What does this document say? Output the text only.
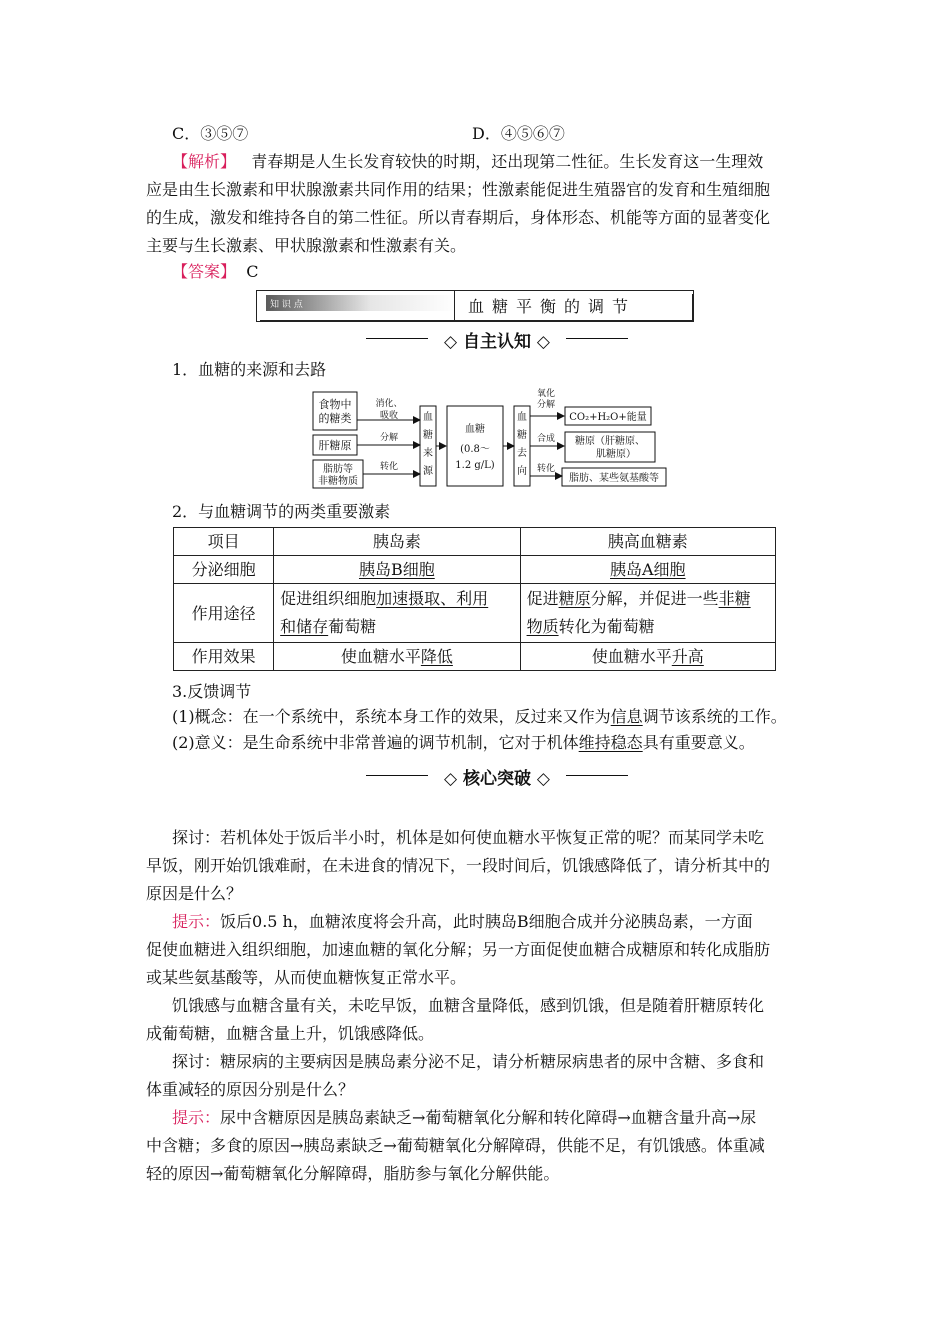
C．③⑤⑦	D．④⑤⑥⑦
【解析】 青春期是人生长发育较快的时期，还出现第二性征。生长发育这一生理效
应是由生长激素和甲状腺激素共同作用的结果；性激素能促进生殖器官的发育和生殖细胞
的生成，激发和维持各自的第二性征。所以青春期后，身体形态、机能等方面的显著变化
主要与生长激素、甲状腺激素和性激素有关。
【答案】 C
知 识 点	血糖平衡的调节
◇ 自主认知 ◇
1．血糖的来源和去路
食物中的糖类
肝糖原
脂肪等非糖物质
消化、吸收
分解
转化
血糖来源
血糖(0.8～ 1.2 g/L)
血糖去向
氧化分解
合成
转化
CO₂+H₂O+能量
糖原（肝糖原、肌糖原）
脂肪、某些氨基酸等
2．与血糖调节的两类重要激素
项目	胰岛素	胰高血糖素
分泌细胞	胰岛B细胞	胰岛A细胞
作用途径	促进组织细胞加速摄取、利用
和储存葡萄糖	促进糖原分解，并促进一些非糖
物质转化为葡萄糖
作用效果	使血糖水平降低	使血糖水平升高
3.反馈调节
(1)概念：在一个系统中，系统本身工作的效果，反过来又作为信息调节该系统的工作。
(2)意义：是生命系统中非常普遍的调节机制，它对于机体维持稳态具有重要意义。
◇ 核心突破 ◇
探讨：若机体处于饭后半小时，机体是如何使血糖水平恢复正常的呢？而某同学未吃
早饭，刚开始饥饿难耐，在未进食的情况下，一段时间后，饥饿感降低了，请分析其中的
原因是什么？
提示：饭后0.5 h，血糖浓度将会升高，此时胰岛B细胞合成并分泌胰岛素，一方面
促使血糖进入组织细胞，加速血糖的氧化分解；另一方面促使血糖合成糖原和转化成脂肪
或某些氨基酸等，从而使血糖恢复正常水平。
饥饿感与血糖含量有关，未吃早饭，血糖含量降低，感到饥饿，但是随着肝糖原转化
成葡萄糖，血糖含量上升，饥饿感降低。
探讨：糖尿病的主要病因是胰岛素分泌不足，请分析糖尿病患者的尿中含糖、多食和
体重减轻的原因分别是什么？
提示：尿中含糖原因是胰岛素缺乏→葡萄糖氧化分解和转化障碍→血糖含量升高→尿
中含糖；多食的原因→胰岛素缺乏→葡萄糖氧化分解障碍，供能不足，有饥饿感。体重减
轻的原因→葡萄糖氧化分解障碍，脂肪参与氧化分解供能。
